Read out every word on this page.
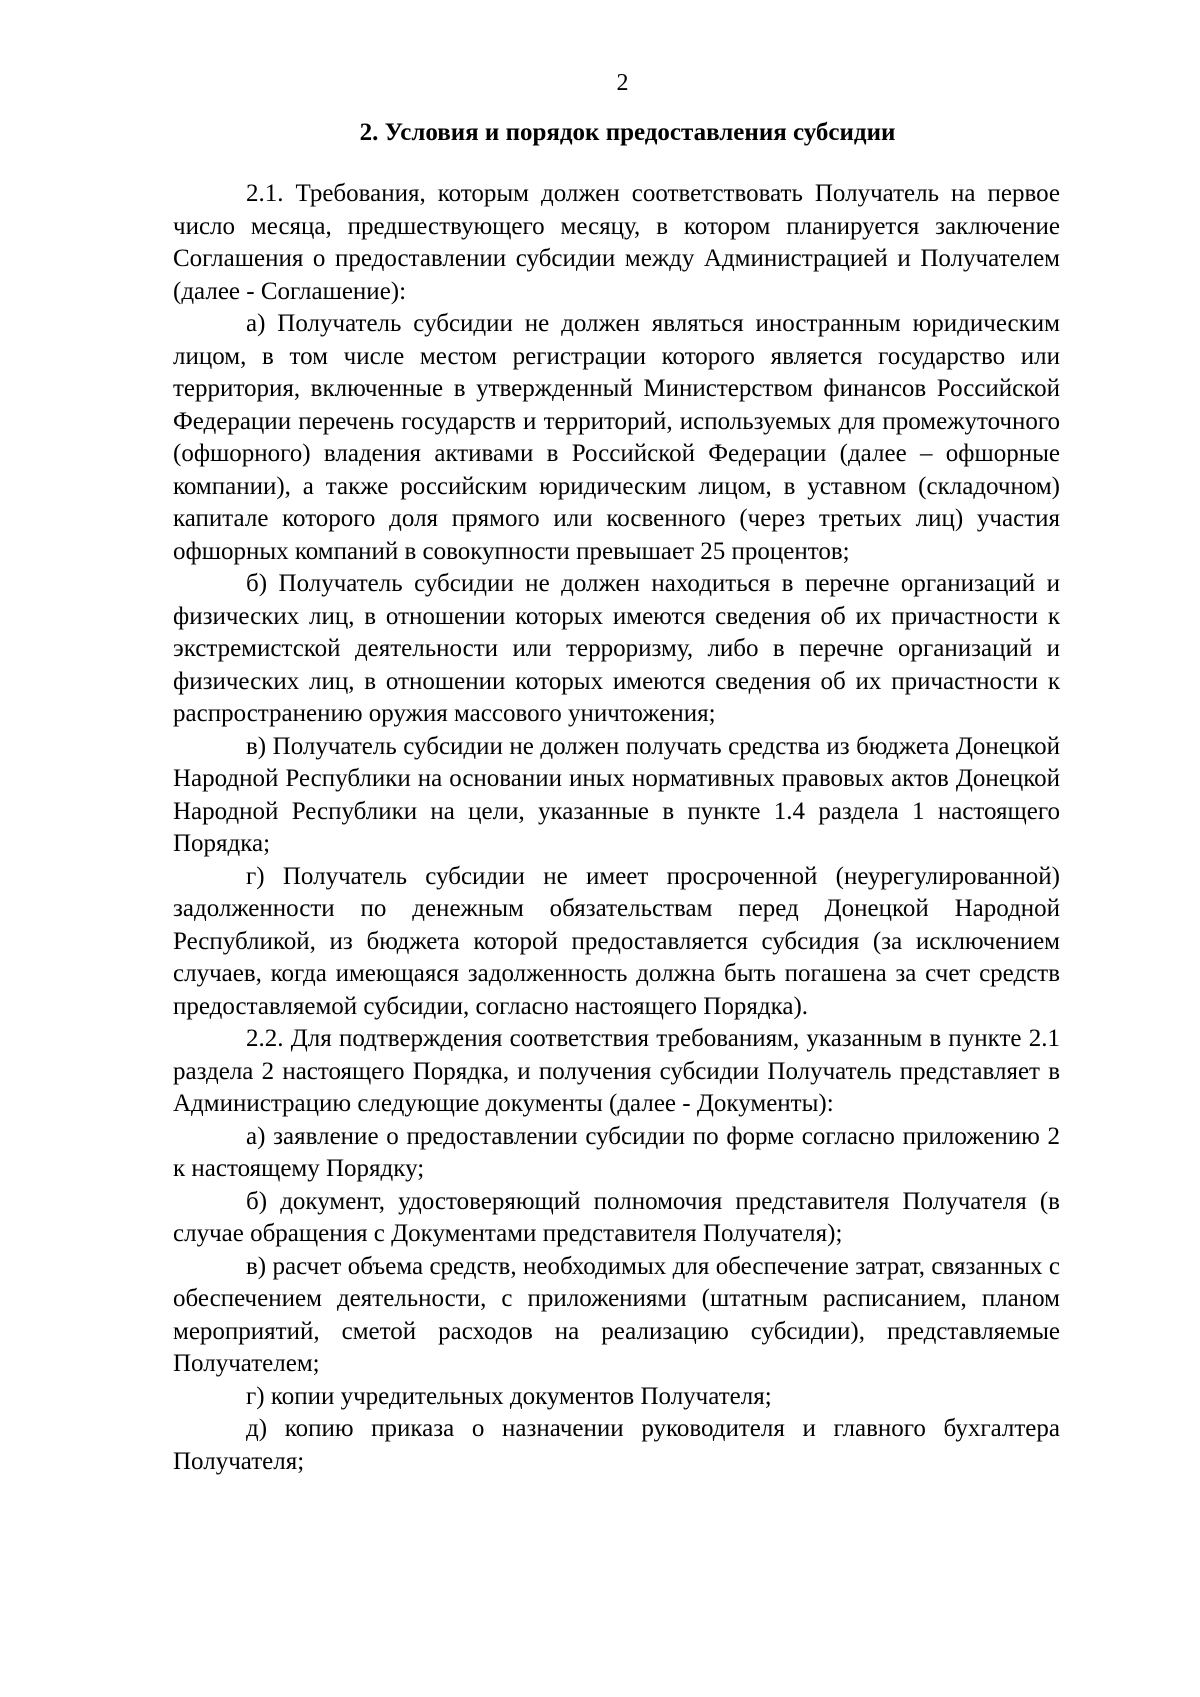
2
2. Условия и порядок предоставления субсидии

2.1. Требования, которым должен соответствовать Получатель на первое число месяца, предшествующего месяцу, в котором планируется заключение Соглашения о предоставлении субсидии между Администрацией и Получателем (далее - Соглашение):

а) Получатель субсидии не должен являться иностранным юридическим лицом, в том числе местом регистрации которого является государство или территория, включенные в утвержденный Министерством финансов Российской Федерации перечень государств и территорий, используемых для промежуточного (офшорного) владения активами в Российской Федерации (далее – офшорные компании), а также российским юридическим лицом, в уставном (складочном) капитале которого доля прямого или косвенного (через третьих лиц) участия офшорных компаний в совокупности превышает 25 процентов;

б) Получатель субсидии не должен находиться в перечне организаций и физических лиц, в отношении которых имеются сведения об их причастности к экстремистской деятельности или терроризму, либо в перечне организаций и физических лиц, в отношении которых имеются сведения об их причастности к распространению оружия массового уничтожения;

в) Получатель субсидии не должен получать средства из бюджета Донецкой Народной Республики на основании иных нормативных правовых актов Донецкой Народной Республики на цели, указанные в пункте 1.4 раздела 1 настоящего Порядка;

г) Получатель субсидии не имеет просроченной (неурегулированной) задолженности по денежным обязательствам перед Донецкой Народной Республикой, из бюджета которой предоставляется субсидия (за исключением случаев, когда имеющаяся задолженность должна быть погашена за счет средств предоставляемой субсидии, согласно настоящего Порядка).

2.2. Для подтверждения соответствия требованиям, указанным в пункте 2.1 раздела 2 настоящего Порядка, и получения субсидии Получатель представляет в Администрацию следующие документы (далее - Документы):

а) заявление о предоставлении субсидии по форме согласно приложению 2 к настоящему Порядку;

б) документ, удостоверяющий полномочия представителя Получателя (в случае обращения с Документами представителя Получателя);

в) расчет объема средств, необходимых для обеспечение затрат, связанных с обеспечением деятельности, с приложениями (штатным расписанием, планом мероприятий, сметой расходов на реализацию субсидии), представляемые Получателем;

г) копии учредительных документов Получателя;

д) копию приказа о назначении руководителя и главного бухгалтера Получателя;
